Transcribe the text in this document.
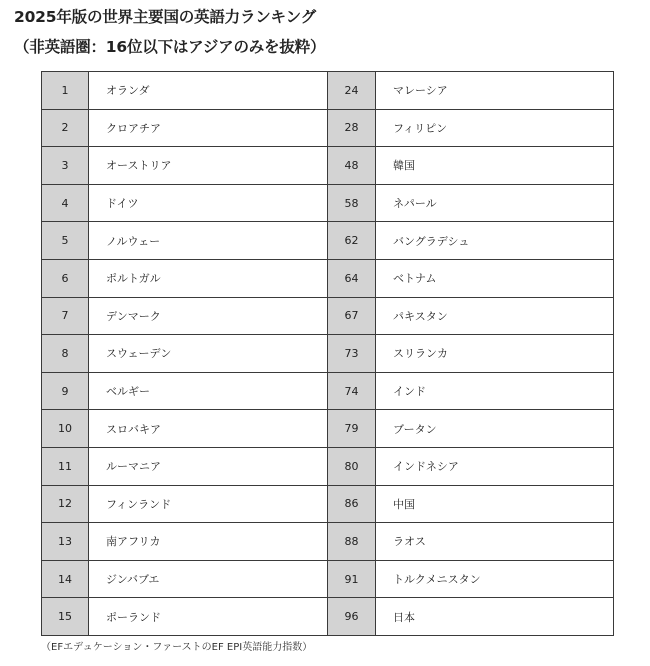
2025年版の世界主要国の英語力ランキング
（非英語圏：16位以下はアジアのみを抜粋）
1	オランダ	24	マレーシア
2	クロアチア	28	フィリピン
3	オーストリア	48	韓国
4	ドイツ	58	ネパール
5	ノルウェー	62	バングラデシュ
6	ポルトガル	64	ベトナム
7	デンマーク	67	パキスタン
8	スウェーデン	73	スリランカ
9	ベルギー	74	インド
10	スロバキア	79	ブータン
11	ルーマニア	80	インドネシア
12	フィンランド	86	中国
13	南アフリカ	88	ラオス
14	ジンバブエ	91	トルクメニスタン
15	ポーランド	96	日本
（EFエデュケーション・ファーストのEF EPI英語能力指数）
